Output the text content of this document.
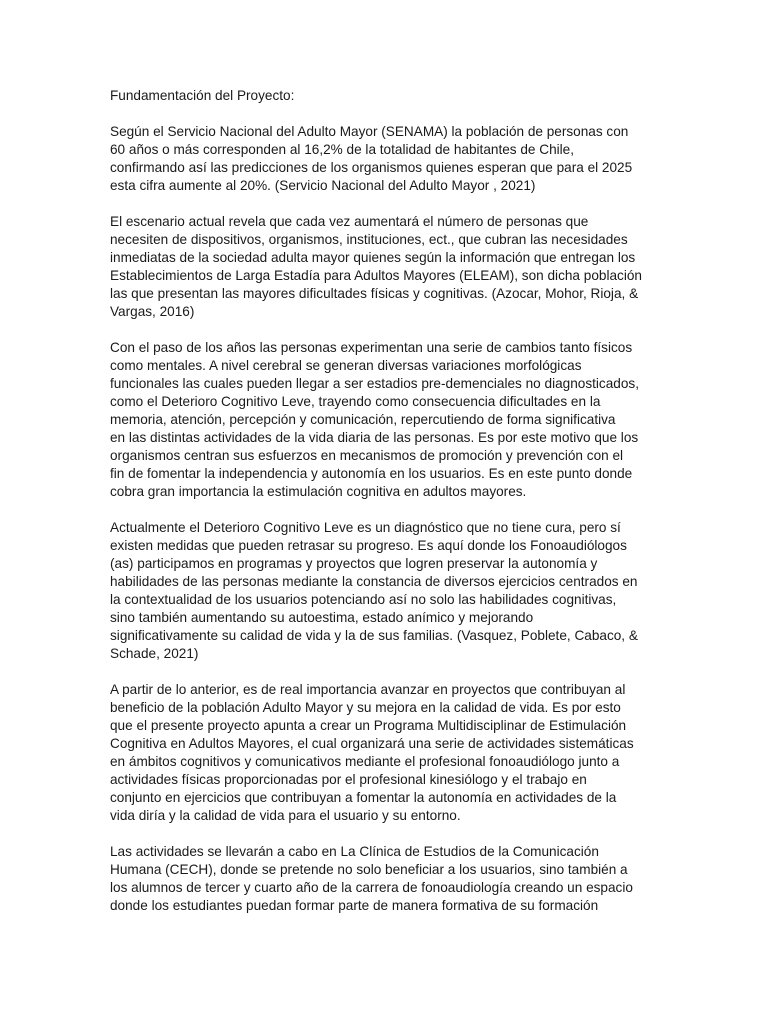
Fundamentación del Proyecto:
Según el Servicio Nacional del Adulto Mayor (SENAMA) la población de personas con
60 años o más corresponden al 16,2% de la totalidad de habitantes de Chile,
confirmando así las predicciones de los organismos quienes esperan que para el 2025
esta cifra aumente al 20%. (Servicio Nacional del Adulto Mayor , 2021)
El escenario actual revela que cada vez aumentará el número de personas que
necesiten de dispositivos, organismos, instituciones, ect., que cubran las necesidades
inmediatas de la sociedad adulta mayor quienes según la información que entregan los
Establecimientos de Larga Estadía para Adultos Mayores (ELEAM), son dicha población
las que presentan las mayores dificultades físicas y cognitivas. (Azocar, Mohor, Rioja, &
Vargas, 2016)
Con el paso de los años las personas experimentan una serie de cambios tanto físicos
como mentales. A nivel cerebral se generan diversas variaciones morfológicas
funcionales las cuales pueden llegar a ser estadios pre-demenciales no diagnosticados,
como el Deterioro Cognitivo Leve, trayendo como consecuencia dificultades en la
memoria, atención, percepción y comunicación, repercutiendo de forma significativa
en las distintas actividades de la vida diaria de las personas. Es por este motivo que los
organismos centran sus esfuerzos en mecanismos de promoción y prevención con el
fin de fomentar la independencia y autonomía en los usuarios. Es en este punto donde
cobra gran importancia la estimulación cognitiva en adultos mayores.
Actualmente el Deterioro Cognitivo Leve es un diagnóstico que no tiene cura, pero sí
existen medidas que pueden retrasar su progreso. Es aquí donde los Fonoaudiólogos
(as) participamos en programas y proyectos que logren preservar la autonomía y
habilidades de las personas mediante la constancia de diversos ejercicios centrados en
la contextualidad de los usuarios potenciando así no solo las habilidades cognitivas,
sino también aumentando su autoestima, estado anímico y mejorando
significativamente su calidad de vida y la de sus familias. (Vasquez, Poblete, Cabaco, &
Schade, 2021)
A partir de lo anterior, es de real importancia avanzar en proyectos que contribuyan al
beneficio de la población Adulto Mayor y su mejora en la calidad de vida. Es por esto
que el presente proyecto apunta a crear un Programa Multidisciplinar de Estimulación
Cognitiva en Adultos Mayores, el cual organizará una serie de actividades sistemáticas
en ámbitos cognitivos y comunicativos mediante el profesional fonoaudiólogo junto a
actividades físicas proporcionadas por el profesional kinesiólogo y el trabajo en
conjunto en ejercicios que contribuyan a fomentar la autonomía en actividades de la
vida diría y la calidad de vida para el usuario y su entorno.
Las actividades se llevarán a cabo en La Clínica de Estudios de la Comunicación
Humana (CECH), donde se pretende no solo beneficiar a los usuarios, sino también a
los alumnos de tercer y cuarto año de la carrera de fonoaudiología creando un espacio
donde los estudiantes puedan formar parte de manera formativa de su formación
